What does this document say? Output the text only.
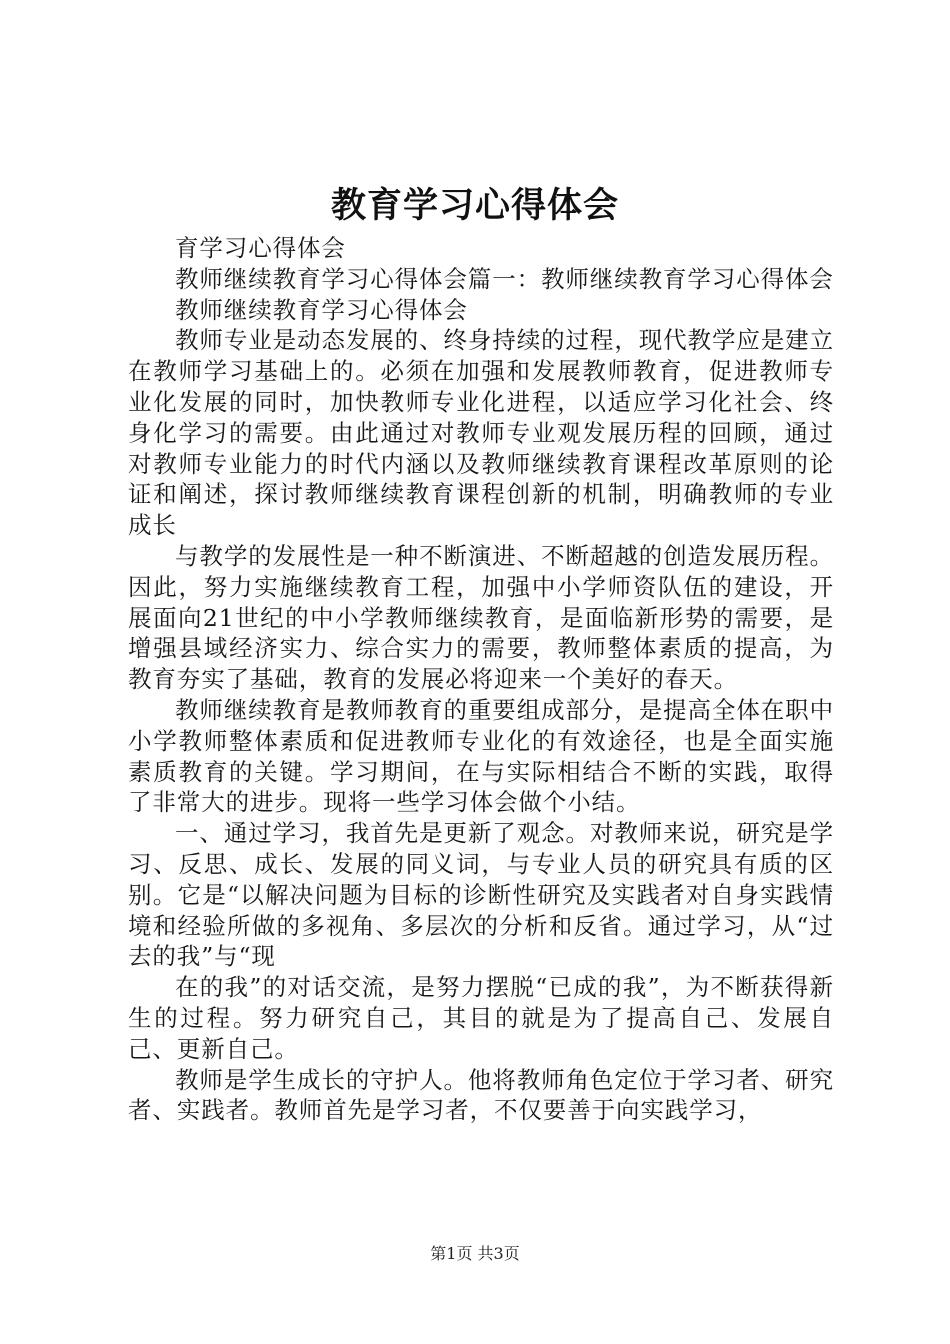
教育学习心得体会

育学习心得体会

教师继续教育学习心得体会篇一：教师继续教育学习心得体会

教师继续教育学习心得体会

教师专业是动态发展的、终身持续的过程，现代教学应是建立在教师学习基础上的。必须在加强和发展教师教育，促进教师专业化发展的同时，加快教师专业化进程，以适应学习化社会、终身化学习的需要。由此通过对教师专业观发展历程的回顾，通过对教师专业能力的时代内涵以及教师继续教育课程改革原则的论证和阐述，探讨教师继续教育课程创新的机制，明确教师的专业成长

与教学的发展性是一种不断演进、不断超越的创造发展历程。因此，努力实施继续教育工程，加强中小学师资队伍的建设，开展面向21世纪的中小学教师继续教育，是面临新形势的需要，是增强县域经济实力、综合实力的需要，教师整体素质的提高，为教育夯实了基础，教育的发展必将迎来一个美好的春天。

教师继续教育是教师教育的重要组成部分，是提高全体在职中小学教师整体素质和促进教师专业化的有效途径，也是全面实施素质教育的关键。学习期间，在与实际相结合不断的实践，取得了非常大的进步。现将一些学习体会做个小结。

一、通过学习，我首先是更新了观念。对教师来说，研究是学习、反思、成长、发展的同义词，与专业人员的研究具有质的区别。它是“以解决问题为目标的诊断性研究及实践者对自身实践情境和经验所做的多视角、多层次的分析和反省。通过学习，从“过去的我”与“现

在的我”的对话交流，是努力摆脱“已成的我”，为不断获得新生的过程。努力研究自己，其目的就是为了提高自己、发展自己、更新自己。

教师是学生成长的守护人。他将教师角色定位于学习者、研究者、实践者。教师首先是学习者，不仅要善于向实践学习，

第1页 共3页
